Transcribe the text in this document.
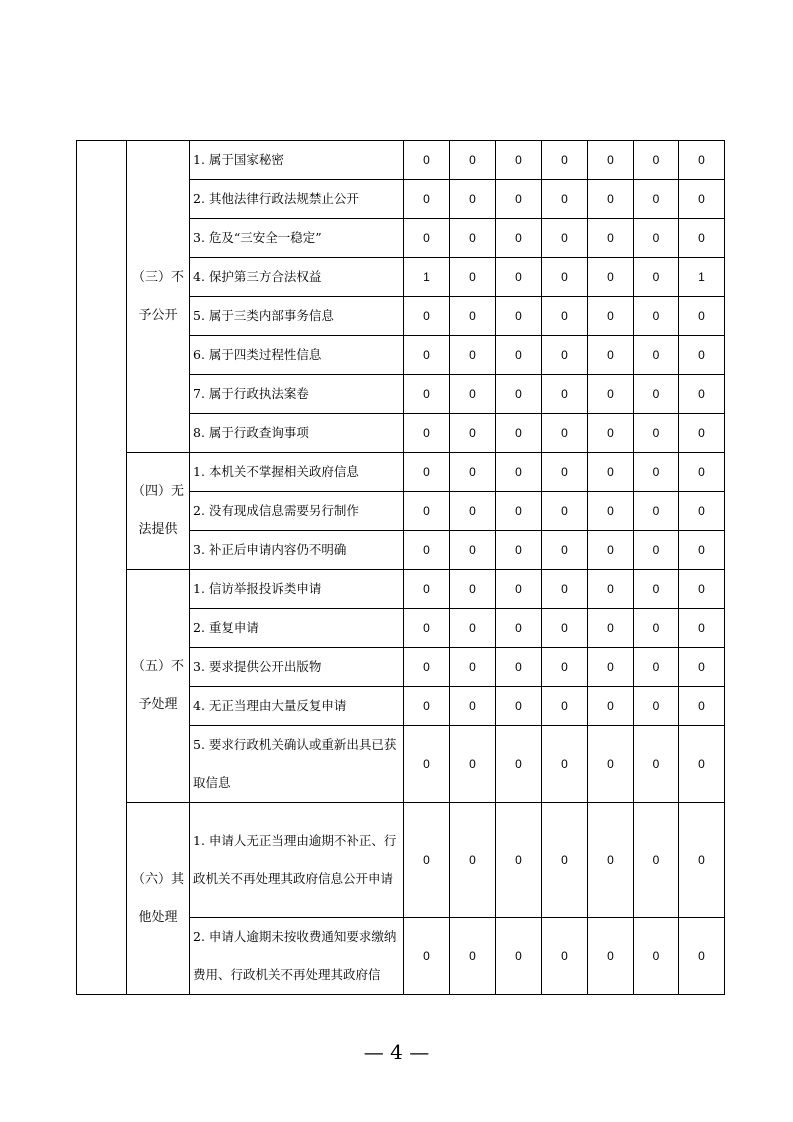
	（三）不予公开	1. 属于国家秘密	0	0	0	0	0	0	0
		2. 其他法律行政法规禁止公开	0	0	0	0	0	0	0
		3. 危及“三安全一稳定”	0	0	0	0	0	0	0
		4. 保护第三方合法权益	1	0	0	0	0	0	1
		5. 属于三类内部事务信息	0	0	0	0	0	0	0
		6. 属于四类过程性信息	0	0	0	0	0	0	0
		7. 属于行政执法案卷	0	0	0	0	0	0	0
		8. 属于行政查询事项	0	0	0	0	0	0	0
	（四）无法提供	1. 本机关不掌握相关政府信息	0	0	0	0	0	0	0
		2. 没有现成信息需要另行制作	0	0	0	0	0	0	0
		3. 补正后申请内容仍不明确	0	0	0	0	0	0	0
	（五）不予处理	1. 信访举报投诉类申请	0	0	0	0	0	0	0
		2. 重复申请	0	0	0	0	0	0	0
		3. 要求提供公开出版物	0	0	0	0	0	0	0
		4. 无正当理由大量反复申请	0	0	0	0	0	0	0
		5. 要求行政机关确认或重新出具已获取信息	0	0	0	0	0	0	0
	（六）其他处理	1. 申请人无正当理由逾期不补正、行政机关不再处理其政府信息公开申请	0	0	0	0	0	0	0
		2. 申请人逾期未按收费通知要求缴纳费用、行政机关不再处理其政府信	0	0	0	0	0	0	0
— 4 —
